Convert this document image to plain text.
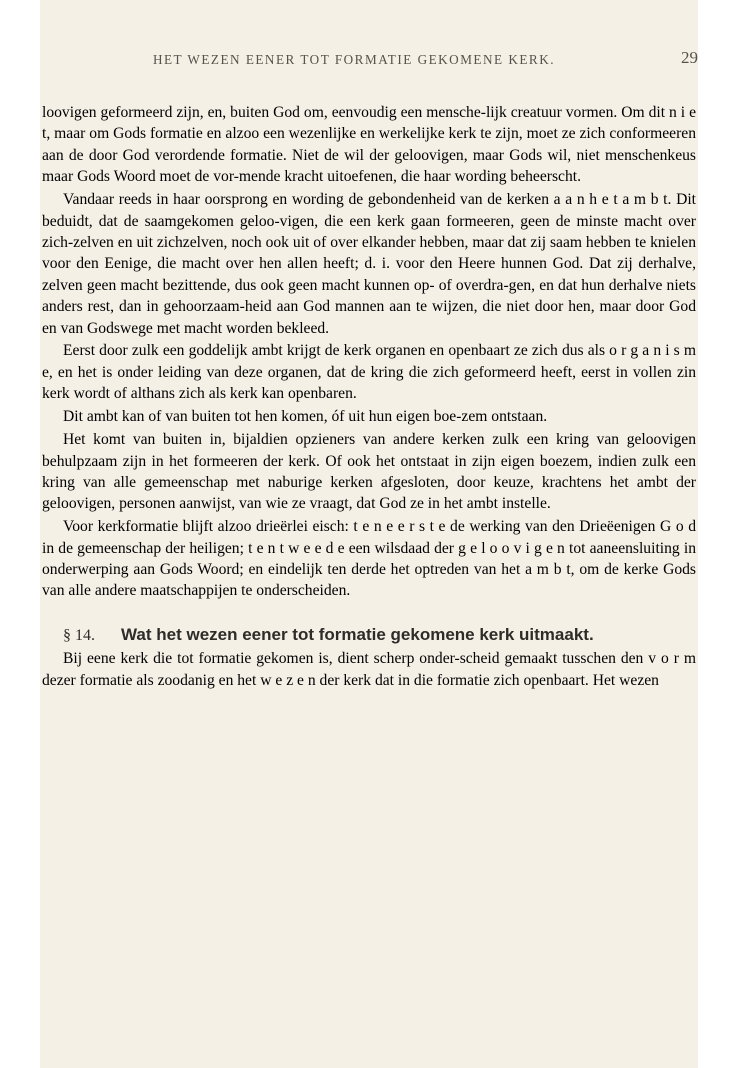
HET WEZEN EENER TOT FORMATIE GEKOMENE KERK.	29

loovigen geformeerd zijn, en, buiten God om, eenvoudig een mensche-lijk creatuur vormen. Om dit n i e t, maar om Gods formatie en alzoo een wezenlijke en werkelijke kerk te zijn, moet ze zich conformeeren aan de door God verordende formatie. Niet de wil der geloovigen, maar Gods wil, niet menschenkeus maar Gods Woord moet de vor-mende kracht uitoefenen, die haar wording beheerscht.

Vandaar reeds in haar oorsprong en wording de gebondenheid van de kerken a a n h e t a m b t. Dit beduidt, dat de saamgekomen geloo-vigen, die een kerk gaan formeeren, geen de minste macht over zich-zelven en uit zichzelven, noch ook uit of over elkander hebben, maar dat zij saam hebben te knielen voor den Eenige, die macht over hen allen heeft; d. i. voor den Heere hunnen God. Dat zij derhalve, zelven geen macht bezittende, dus ook geen macht kunnen op- of overdra-gen, en dat hun derhalve niets anders rest, dan in gehoorzaam-heid aan God mannen aan te wijzen, die niet door hen, maar door God en van Godswege met macht worden bekleed.

Eerst door zulk een goddelijk ambt krijgt de kerk organen en openbaart ze zich dus als o r g a n i s m e, en het is onder leiding van deze organen, dat de kring die zich geformeerd heeft, eerst in vollen zin kerk wordt of althans zich als kerk kan openbaren.

Dit ambt kan of van buiten tot hen komen, óf uit hun eigen boe-zem ontstaan.

Het komt van buiten in, bijaldien opzieners van andere kerken zulk een kring van geloovigen behulpzaam zijn in het formeeren der kerk. Of ook het ontstaat in zijn eigen boezem, indien zulk een kring van alle gemeenschap met naburige kerken afgesloten, door keuze, krachtens het ambt der geloovigen, personen aanwijst, van wie ze vraagt, dat God ze in het ambt instelle.

Voor kerkformatie blijft alzoo drieërlei eisch: t e n e e r s t e de werking van den Drieëenigen G o d in de gemeenschap der heiligen; t e n t w e e d e een wilsdaad der g e l o o v i g e n tot aaneensluiting in onderwerping aan Gods Woord; en eindelijk ten derde het optreden van het a m b t, om de kerke Gods van alle andere maatschappijen te onderscheiden.

§ 14. Wat het wezen eener tot formatie gekomene kerk uitmaakt.

Bij eene kerk die tot formatie gekomen is, dient scherp onder-scheid gemaakt tusschen den v o r m dezer formatie als zoodanig en het w e z e n der kerk dat in die formatie zich openbaart. Het wezen
